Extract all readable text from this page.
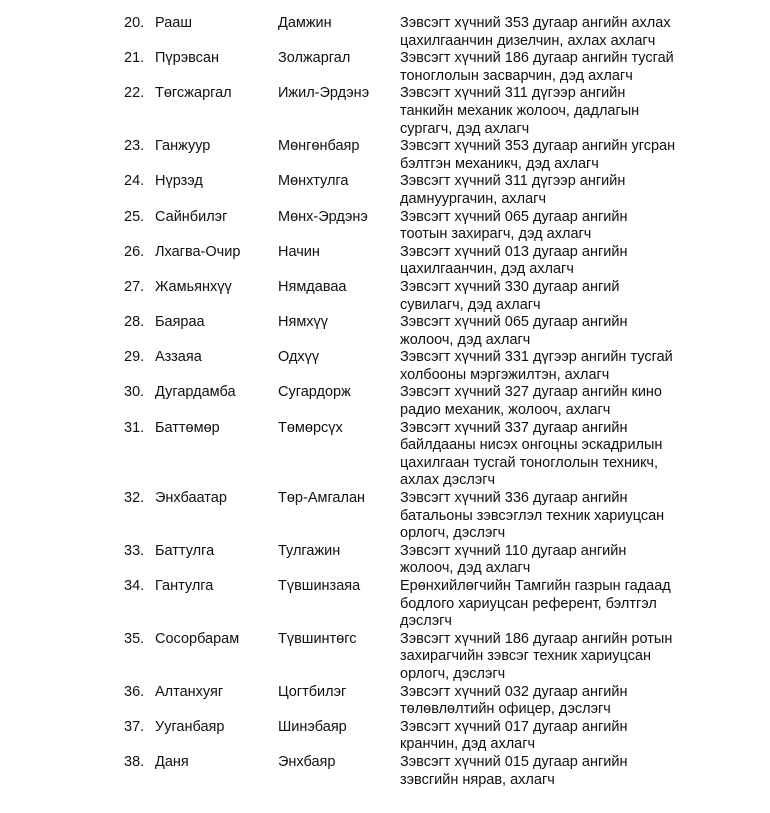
20. Рааш	Дамжин	Зэвсэгт хүчний 353 дугаар ангийн ахлах
цахилгаанчин дизелчин, ахлах ахлагч
21. Пүрэвсан	Золжаргал	Зэвсэгт хүчний 186 дугаар ангийн тусгай
тоноглолын засварчин, дэд ахлагч
22. Төгсжаргал	Ижил-Эрдэнэ Зэвсэгт хүчний 311 дүгээр ангийн
танкийн механик жолооч, дадлагын
сургагч, дэд ахлагч
23. Ганжуур	Мөнгөнбаяр	Зэвсэгт хүчний 353 дугаар ангийн угсран
бэлтгэн механикч, дэд ахлагч
24. Нүрзэд	Мөнхтулга	Зэвсэгт хүчний 311 дүгээр ангийн
дамнуургачин, ахлагч
25. Сайнбилэг	Мөнх-Эрдэнэ Зэвсэгт хүчний 065 дугаар ангийн
тоотын захирагч, дэд ахлагч
26. Лхагва-Очир	Начин	Зэвсэгт хүчний 013 дугаар ангийн
цахилгаанчин, дэд ахлагч
27. Жамьянхүү	Нямдаваа	Зэвсэгт хүчний 330 дугаар ангий
сувилагч, дэд ахлагч
28. Баяраа	Нямхүү	Зэвсэгт хүчний 065 дугаар ангийн
жолооч, дэд ахлагч
29. Аззаяа	Одхүү	Зэвсэгт хүчний 331 дүгээр ангийн тусгай
холбооны мэргэжилтэн, ахлагч
30. Дугардамба	Сугардорж	Зэвсэгт хүчний 327 дугаар ангийн кино
радио механик, жолооч, ахлагч
31. Баттөмөр	Төмөрсүх	Зэвсэгт хүчний 337 дугаар ангийн
байлдааны нисэх онгоцны эскадрилын
цахилгаан тусгай тоноглолын техникч,
ахлах дэслэгч
32. Энхбаатар	Төр-Амгалан Зэвсэгт хүчний 336 дугаар ангийн
батальоны зэвсэглэл техник хариуцсан
орлогч, дэслэгч
33. Баттулга	Тулгажин	Зэвсэгт хүчний 110 дугаар ангийн
жолооч, дэд ахлагч
34. Гантулга	Түвшинзаяа	Ерөнхийлөгчийн Тамгийн газрын гадаад
бодлого хариуцсан референт, бэлтгэл
дэслэгч
35. Сосорбарам	Түвшинтөгс	Зэвсэгт хүчний 186 дугаар ангийн ротын
захирагчийн зэвсэг техник хариуцсан
орлогч, дэслэгч
36. Алтанхуяг	Цогтбилэг	Зэвсэгт хүчний 032 дугаар ангийн
төлөвлөлтийн офицер, дэслэгч
37. Ууганбаяр	Шинэбаяр	Зэвсэгт хүчний 017 дугаар ангийн
кранчин, дэд ахлагч
38. Даня	Энхбаяр	Зэвсэгт хүчний 015 дугаар ангийн
зэвсгийн нярав, ахлагч
